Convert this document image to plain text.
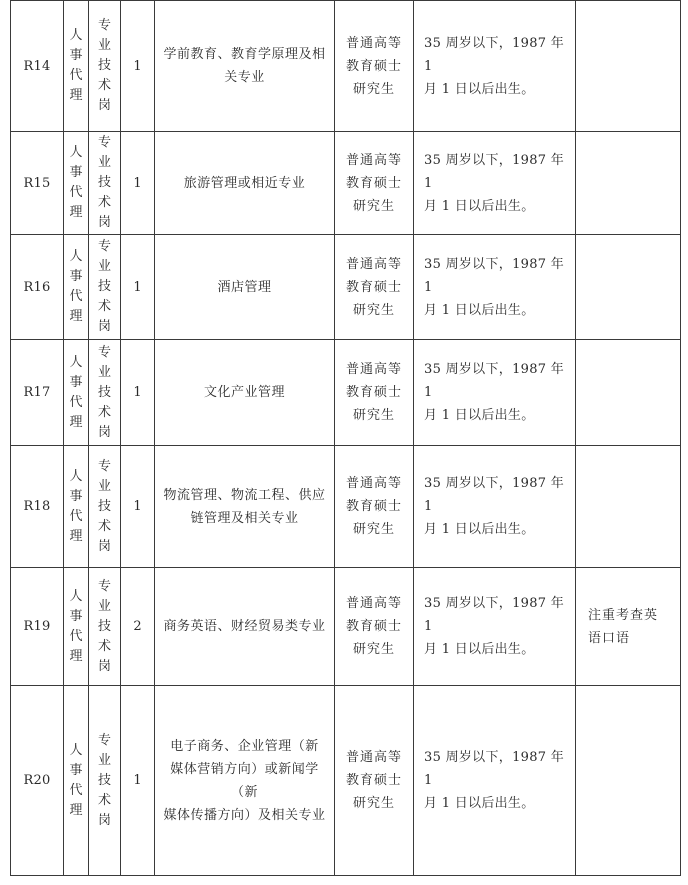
R14	人事代理	专业技术岗	1	学前教育、教育学原理及相
关专业	普通高等
教育硕士
研究生	35 周岁以下，1987 年 1
月 1 日以后出生。	

R15	人事代理	专业技术岗	1	旅游管理或相近专业	普通高等
教育硕士
研究生	35 周岁以下，1987 年 1
月 1 日以后出生。	

R16	人事代理	专业技术岗	1	酒店管理	普通高等
教育硕士
研究生	35 周岁以下，1987 年 1
月 1 日以后出生。	

R17	人事代理	专业技术岗	1	文化产业管理	普通高等
教育硕士
研究生	35 周岁以下，1987 年 1
月 1 日以后出生。	

R18	人事代理	专业技术岗	1	物流管理、物流工程、供应
链管理及相关专业	普通高等
教育硕士
研究生	35 周岁以下，1987 年 1
月 1 日以后出生。	

R19	人事代理	专业技术岗	2	商务英语、财经贸易类专业	普通高等
教育硕士
研究生	35 周岁以下，1987 年 1
月 1 日以后出生。	注重考查英
语口语
R20	人事代理	专业技术岗	1	电子商务、企业管理（新
媒体营销方向）或新闻学（新
媒体传播方向）及相关专业	普通高等
教育硕士
研究生	35 周岁以下，1987 年 1
月 1 日以后出生。	
